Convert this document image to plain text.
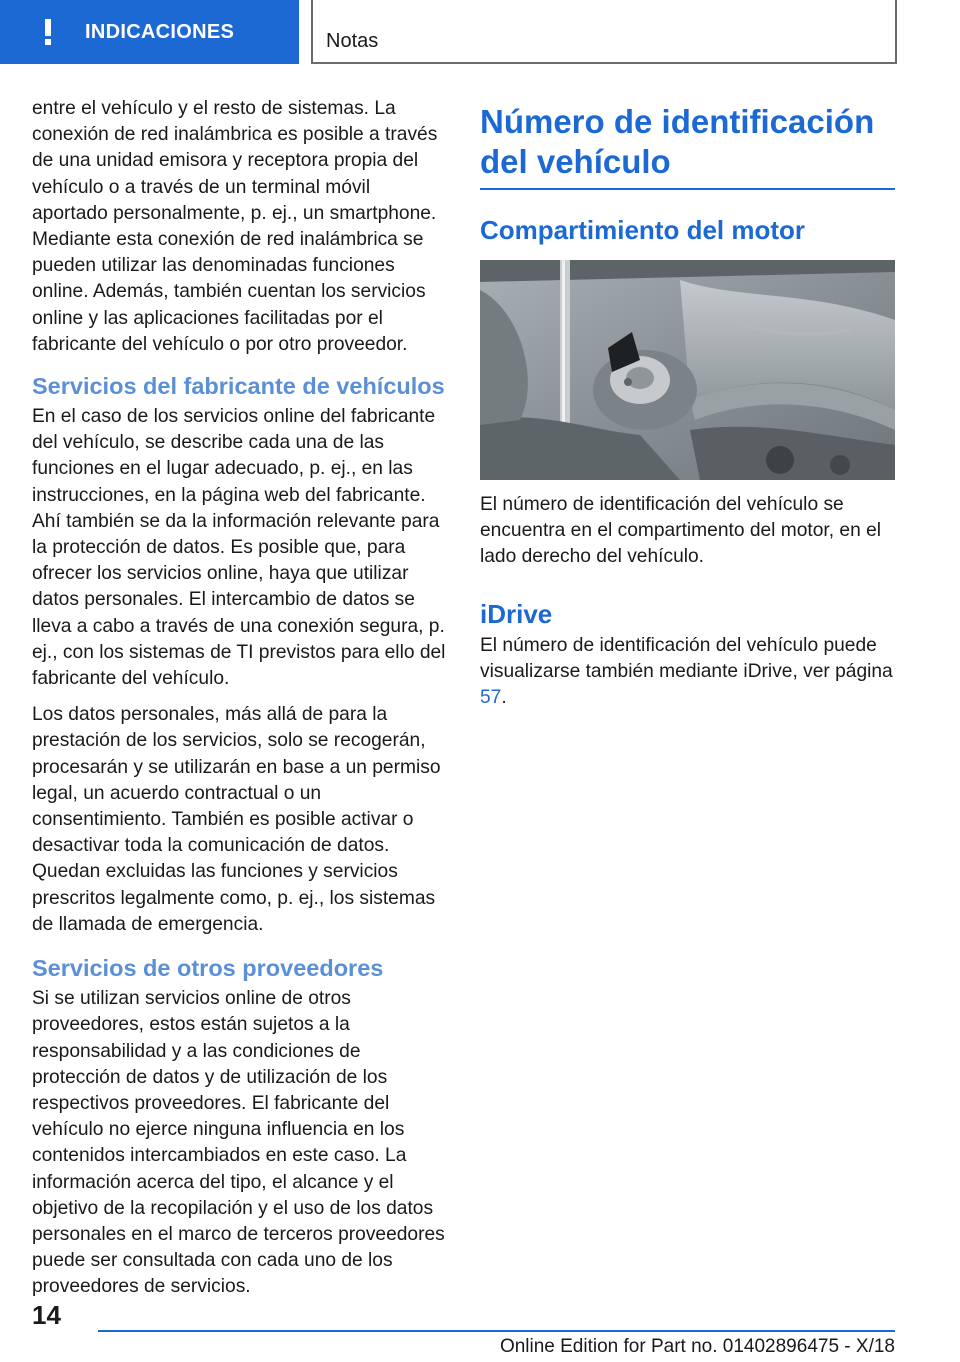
INDICACIONES	Notas

entre el vehículo y el resto de sistemas. La conexión de red inalámbrica es posible a través de una unidad emisora y receptora propia del vehículo o a través de un terminal móvil aportado personalmente, p. ej., un smartphone. Mediante esta conexión de red inalámbrica se pueden utilizar las denominadas funciones online. Además, también cuentan los servicios online y las aplicaciones facilitadas por el fabricante del vehículo o por otro proveedor.

Servicios del fabricante de vehículos

En el caso de los servicios online del fabricante del vehículo, se describe cada una de las funciones en el lugar adecuado, p. ej., en las instrucciones, en la página web del fabricante. Ahí también se da la información relevante para la protección de datos. Es posible que, para ofrecer los servicios online, haya que utilizar datos personales. El intercambio de datos se lleva a cabo a través de una conexión segura, p. ej., con los sistemas de TI previstos para ello del fabricante del vehículo.

Los datos personales, más allá de para la prestación de los servicios, solo se recogerán, procesarán y se utilizarán en base a un permiso legal, un acuerdo contractual o un consentimiento. También es posible activar o desactivar toda la comunicación de datos. Quedan excluidas las funciones y servicios prescritos legalmente como, p. ej., los sistemas de llamada de emergencia.

Servicios de otros proveedores

Si se utilizan servicios online de otros proveedores, estos están sujetos a la responsabilidad y a las condiciones de protección de datos y de utilización de los respectivos proveedores. El fabricante del vehículo no ejerce ninguna influencia en los contenidos intercambiados en este caso. La información acerca del tipo, el alcance y el objetivo de la recopilación y el uso de los datos personales en el marco de terceros proveedores puede ser consultada con cada uno de los proveedores de servicios.

Número de identificación del vehículo
Compartimiento del motor

El número de identificación del vehículo se encuentra en el compartimento del motor, en el lado derecho del vehículo.

iDrive

El número de identificación del vehículo puede visualizarse también mediante iDrive, ver página 57.

14
Online Edition for Part no. 01402896475 - X/18
